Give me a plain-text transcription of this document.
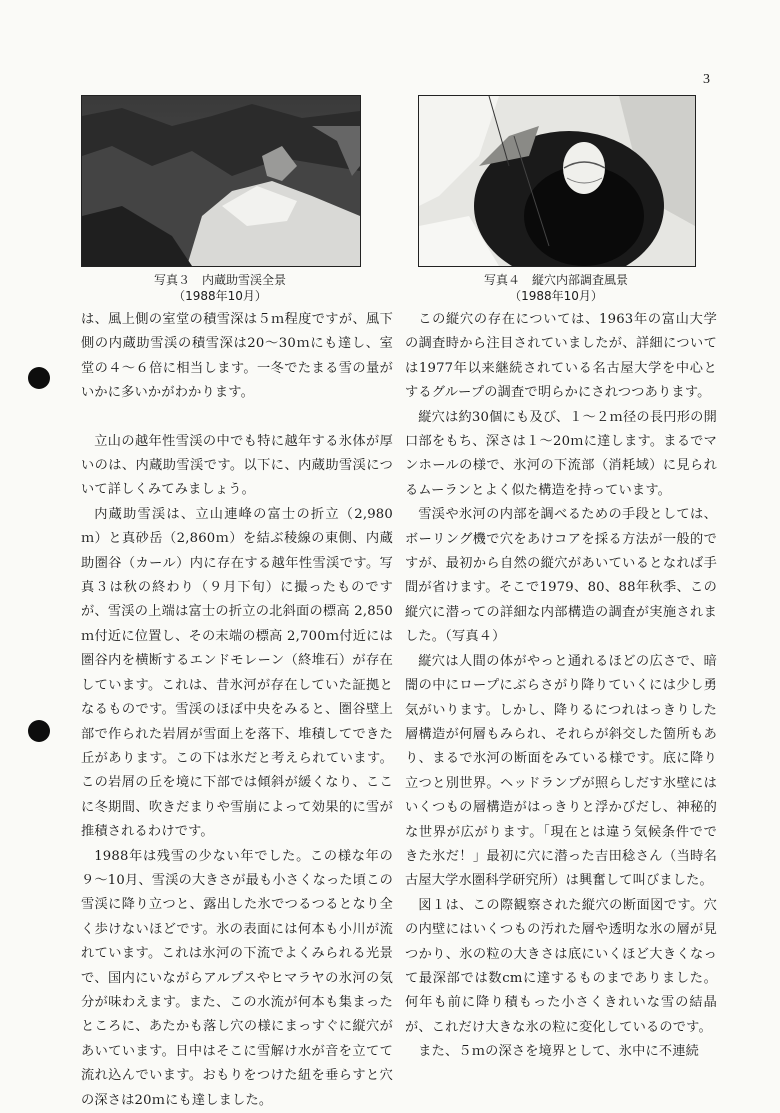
3
写真３　内蔵助雪渓全景
（1988年10月）
写真４　縦穴内部調査風景
（1988年10月）

は、風上側の室堂の積雪深は５ｍ程度ですが、風下側の内蔵助雪渓の積雪深は20～30ｍにも達し、室堂の４～６倍に相当します。一冬でたまる雪の量がいかに多いかがわかります。

立山の越年性雪渓の中でも特に越年する氷体が厚いのは、内蔵助雪渓です。以下に、内蔵助雪渓について詳しくみてみましょう。

内蔵助雪渓は、立山連峰の富士の折立（2,980ｍ）と真砂岳（2,860ｍ）を結ぶ稜線の東側、内蔵助圏谷（カール）内に存在する越年性雪渓です。写真３は秋の終わり（９月下旬）に撮ったものですが、雪渓の上端は富士の折立の北斜面の標高 2,850ｍ付近に位置し、その末端の標高 2,700ｍ付近には圏谷内を横断するエンドモレーン（終堆石）が存在しています。これは、昔氷河が存在していた証拠となるものです。雪渓のほぼ中央をみると、圏谷壁上部で作られた岩屑が雪面上を落下、堆積してできた丘があります。この下は氷だと考えられています。この岩屑の丘を境に下部では傾斜が緩くなり、ここに冬期間、吹きだまりや雪崩によって効果的に雪が推積されるわけです。

1988年は残雪の少ない年でした。この様な年の９～10月、雪渓の大きさが最も小さくなった頃この雪渓に降り立つと、露出した氷でつるつるとなり全く歩けないほどです。氷の表面には何本も小川が流れています。これは氷河の下流でよくみられる光景で、国内にいながらアルプスやヒマラヤの氷河の気分が味わえます。また、この水流が何本も集まったところに、あたかも落し穴の様にまっすぐに縦穴があいています。日中はそこに雪解け水が音を立てて流れ込んでいます。おもりをつけた紐を垂らすと穴の深さは20ｍにも達しました。

この縦穴の存在については、1963年の富山大学の調査時から注目されていましたが、詳細については1977年以来継続されている名古屋大学を中心とするグループの調査で明らかにされつつあります。

縦穴は約30個にも及び、１～２ｍ径の長円形の開口部をもち、深さは１～20ｍに達します。まるでマンホールの様で、氷河の下流部（消耗域）に見られるムーランとよく似た構造を持っています。

雪渓や氷河の内部を調べるための手段としては、ボーリング機で穴をあけコアを採る方法が一般的ですが、最初から自然の縦穴があいているとなれば手間が省けます。そこで1979、80、88年秋季、この縦穴に潜っての詳細な内部構造の調査が実施されました。（写真４）

縦穴は人間の体がやっと通れるほどの広さで、暗闇の中にロープにぶらさがり降りていくには少し勇気がいります。しかし、降りるにつれはっきりした層構造が何層もみられ、それらが斜交した箇所もあり、まるで氷河の断面をみている様です。底に降り立つと別世界。ヘッドランプが照らしだす氷壁にはいくつもの層構造がはっきりと浮かびだし、神秘的な世界が広がります。「現在とは違う気候条件でできた氷だ！」最初に穴に潜った吉田稔さん（当時名古屋大学水圏科学研究所）は興奮して叫びました。

図１は、この際観察された縦穴の断面図です。穴の内壁にはいくつもの汚れた層や透明な氷の層が見つかり、氷の粒の大きさは底にいくほど大きくなって最深部では数cmに達するものまでありました。何年も前に降り積もった小さくきれいな雪の結晶が、これだけ大きな氷の粒に変化しているのです。

また、５ｍの深さを境界として、氷中に不連続
